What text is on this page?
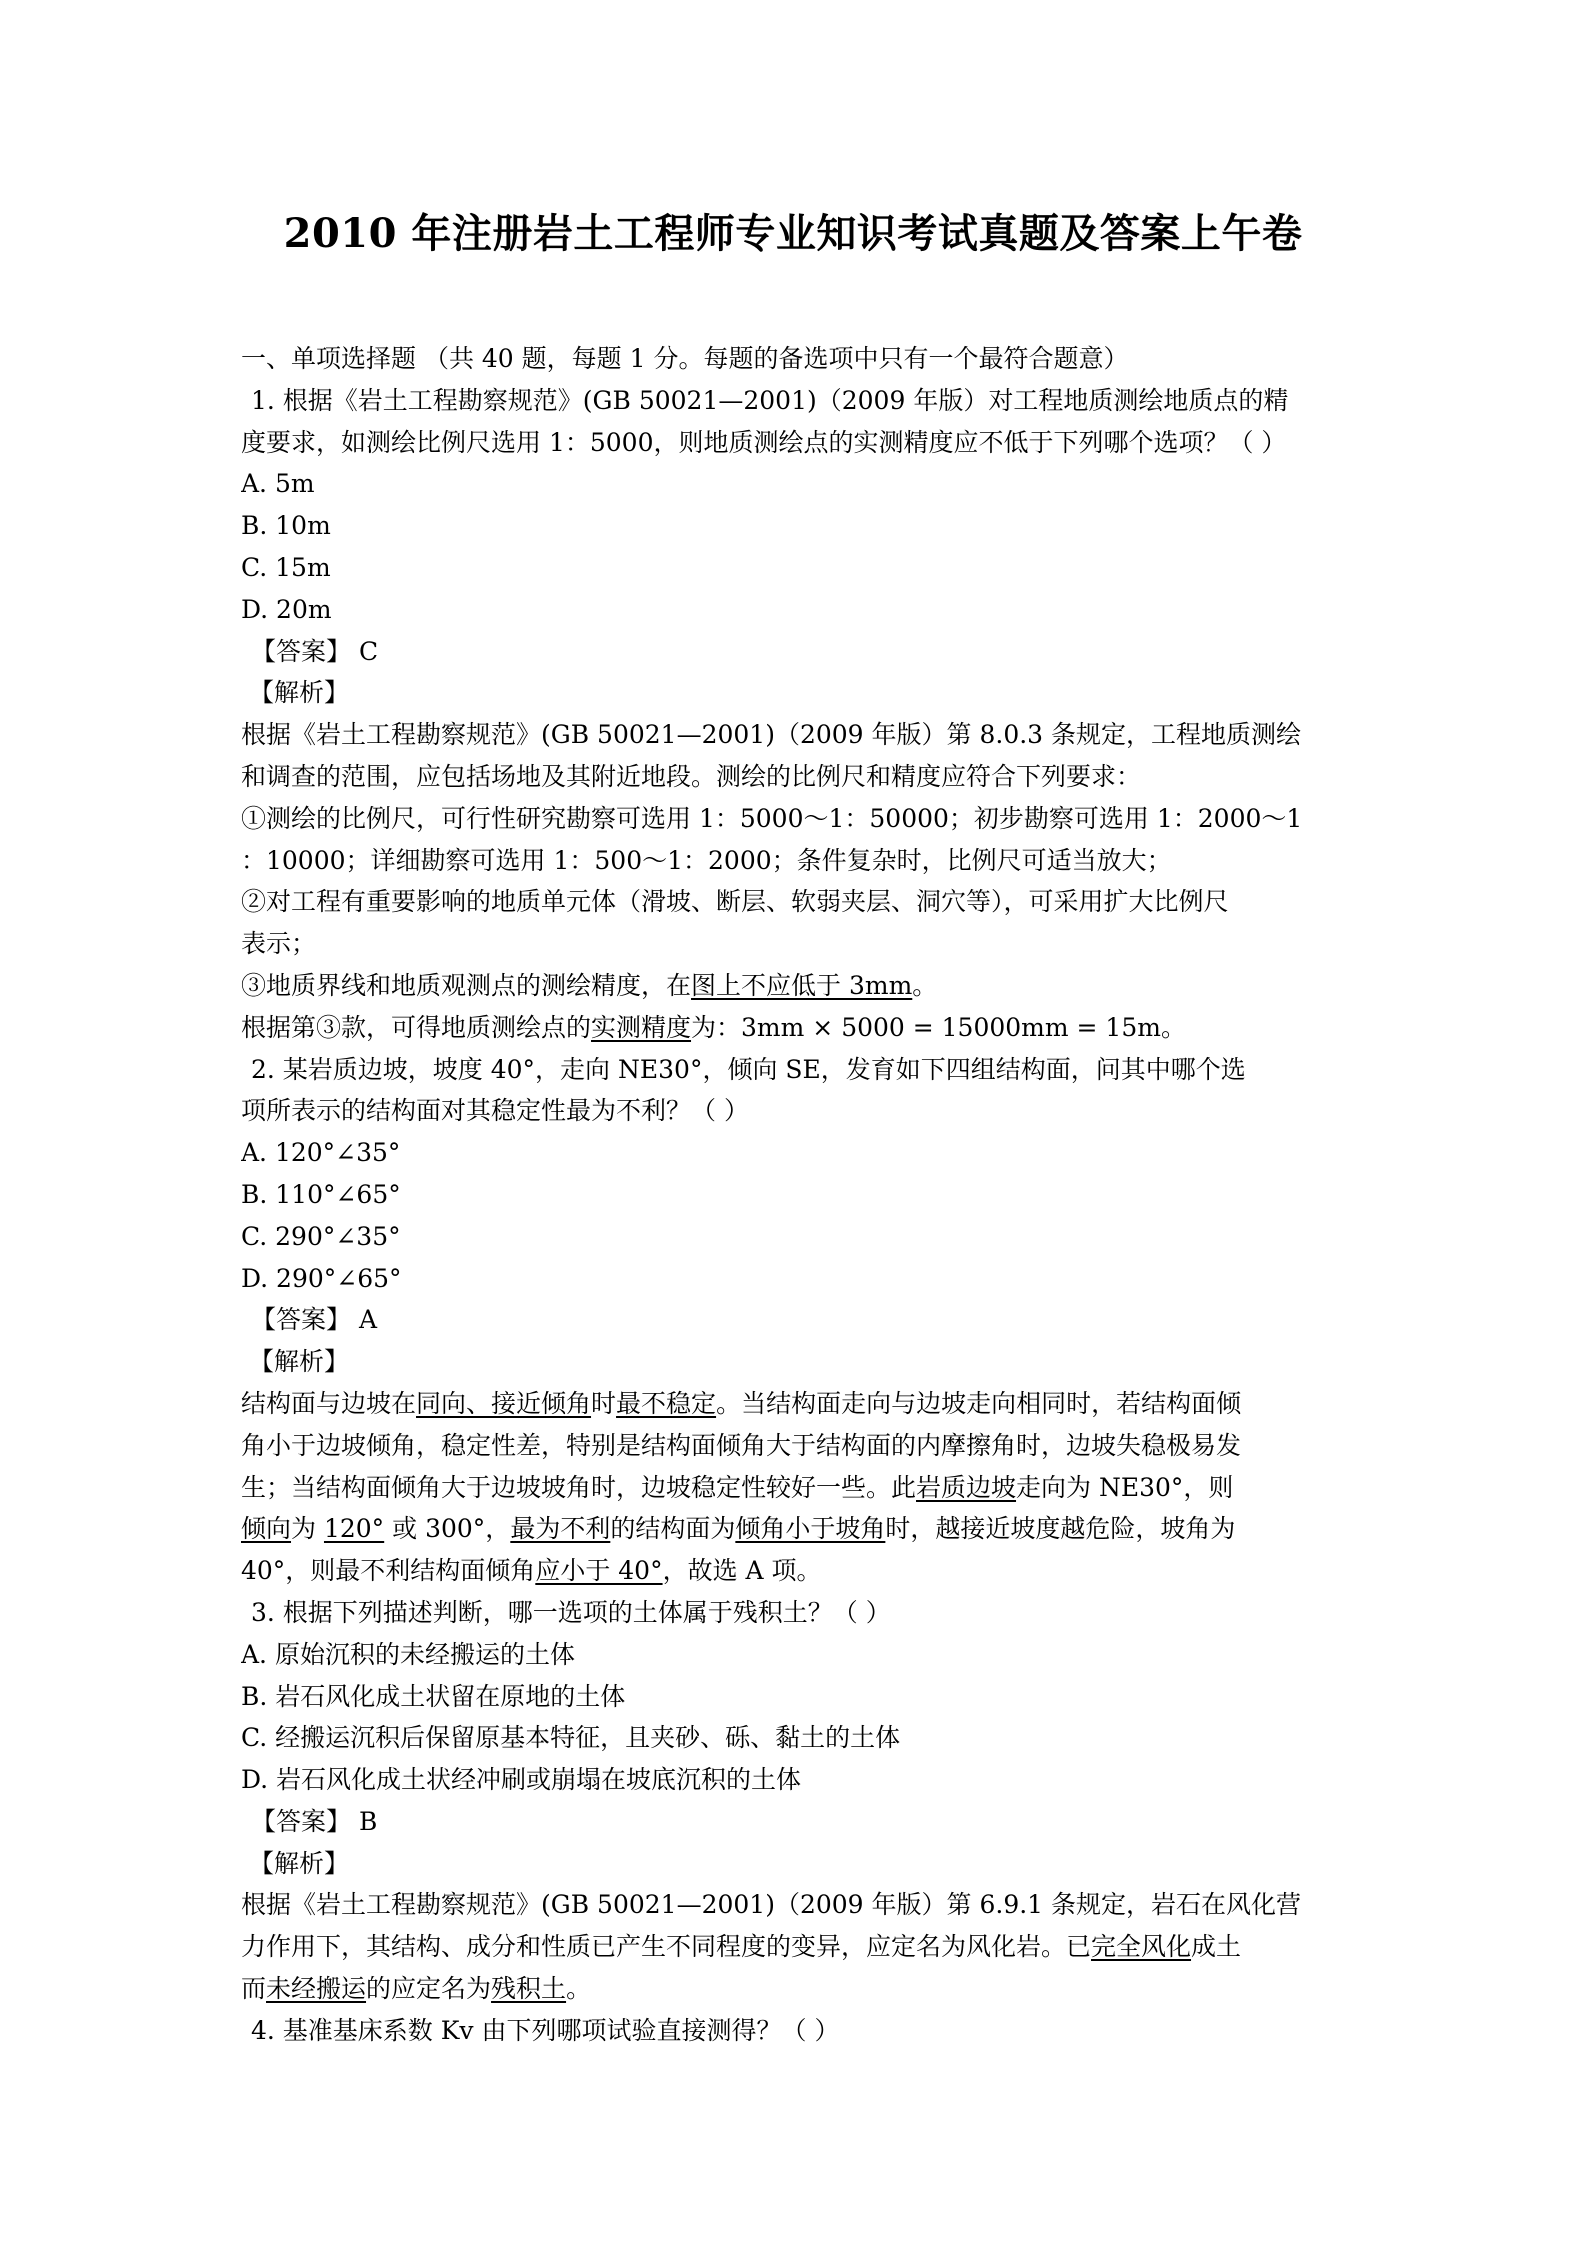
2010 年注册岩土工程师专业知识考试真题及答案上午卷
一、单项选择题 （共 40 题，每题 1 分。每题的备选项中只有一个最符合题意）
1. 根据《岩土工程勘察规范》(GB 50021—2001)（2009 年版）对工程地质测绘地质点的精
度要求，如测绘比例尺选用 1：5000，则地质测绘点的实测精度应不低于下列哪个选项？（ ）
A. 5m
B. 10m
C. 15m
D. 20m
【答案】 C
【解析】
根据《岩土工程勘察规范》(GB 50021—2001)（2009 年版）第 8.0.3 条规定，工程地质测绘
和调查的范围，应包括场地及其附近地段。测绘的比例尺和精度应符合下列要求：
①测绘的比例尺，可行性研究勘察可选用 1：5000～1：50000；初步勘察可选用 1：2000～1
：10000；详细勘察可选用 1：500～1：2000；条件复杂时，比例尺可适当放大；
②对工程有重要影响的地质单元体（滑坡、断层、软弱夹层、洞穴等），可采用扩大比例尺
表示；
③地质界线和地质观测点的测绘精度，在图上不应低于 3mm。
根据第③款，可得地质测绘点的实测精度为：3mm × 5000 = 15000mm = 15m。
2. 某岩质边坡，坡度 40°，走向 NE30°，倾向 SE，发育如下四组结构面，问其中哪个选
项所表示的结构面对其稳定性最为不利？（ ）
A. 120°∠35°
B. 110°∠65°
C. 290°∠35°
D. 290°∠65°
【答案】 A
【解析】
结构面与边坡在同向、接近倾角时最不稳定。当结构面走向与边坡走向相同时，若结构面倾
角小于边坡倾角，稳定性差，特别是结构面倾角大于结构面的内摩擦角时，边坡失稳极易发
生；当结构面倾角大于边坡坡角时，边坡稳定性较好一些。此岩质边坡走向为 NE30°，则
倾向为 120° 或 300°，最为不利的结构面为倾角小于坡角时，越接近坡度越危险，坡角为
40°，则最不利结构面倾角应小于 40°，故选 A 项。
3. 根据下列描述判断，哪一选项的土体属于残积土？（ ）
A. 原始沉积的未经搬运的土体
B. 岩石风化成土状留在原地的土体
C. 经搬运沉积后保留原基本特征，且夹砂、砾、黏土的土体
D. 岩石风化成土状经冲刷或崩塌在坡底沉积的土体
【答案】 B
【解析】
根据《岩土工程勘察规范》(GB 50021—2001)（2009 年版）第 6.9.1 条规定，岩石在风化营
力作用下，其结构、成分和性质已产生不同程度的变异，应定名为风化岩。已完全风化成土
而未经搬运的应定名为残积土。
4. 基准基床系数 Kv 由下列哪项试验直接测得？（ ）
